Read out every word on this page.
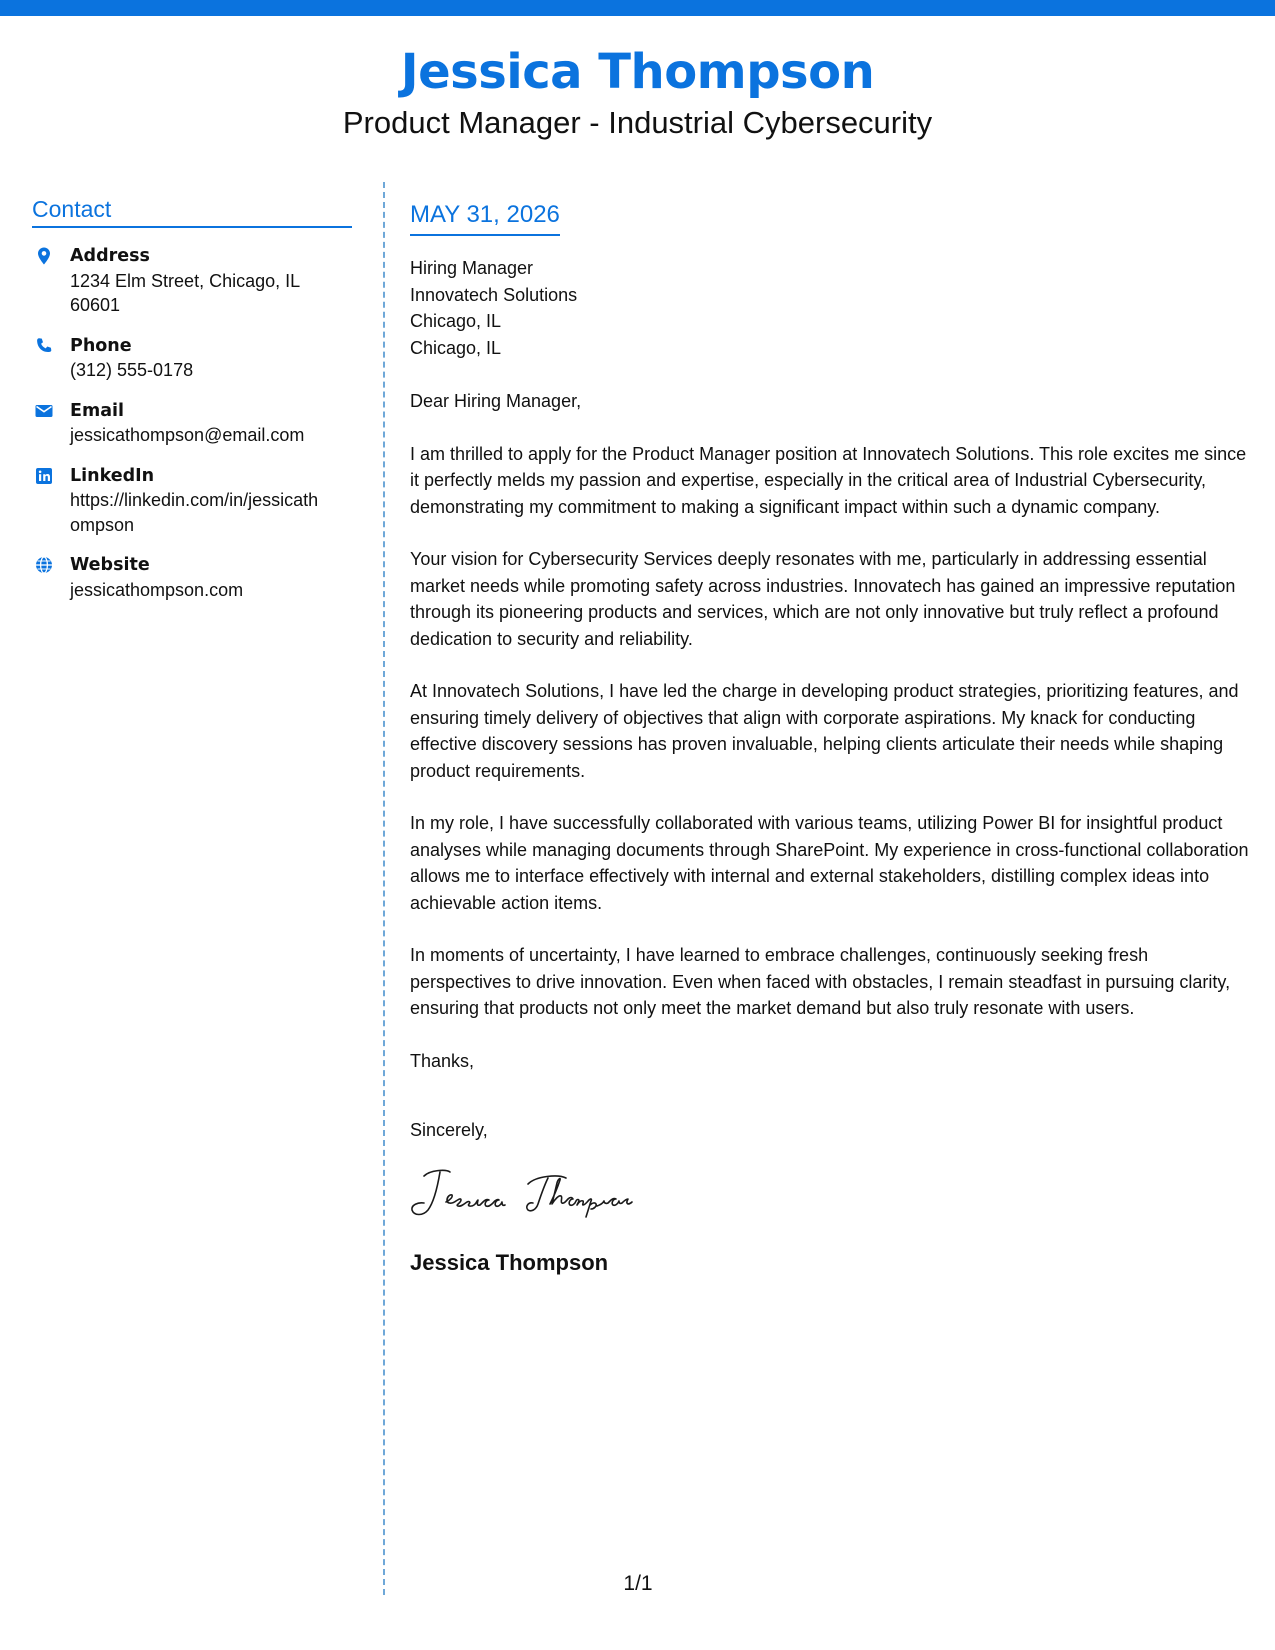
Jessica Thompson
Product Manager - Industrial Cybersecurity
Contact
Address
1234 Elm Street, Chicago, IL
60601
Phone
(312) 555-0178
Email
jessicathompson@email.com
LinkedIn
https://linkedin.com/in/jessicath
ompson
Website
jessicathompson.com
MAY 31, 2026
Hiring Manager
Innovatech Solutions
Chicago, IL
Chicago, IL
Dear Hiring Manager,
I am thrilled to apply for the Product Manager position at Innovatech Solutions. This role excites me since it perfectly melds my passion and expertise, especially in the critical area of Industrial Cybersecurity, demonstrating my commitment to making a significant impact within such a dynamic company.
Your vision for Cybersecurity Services deeply resonates with me, particularly in addressing essential market needs while promoting safety across industries. Innovatech has gained an impressive reputation through its pioneering products and services, which are not only innovative but truly reflect a profound dedication to security and reliability.
At Innovatech Solutions, I have led the charge in developing product strategies, prioritizing features, and ensuring timely delivery of objectives that align with corporate aspirations. My knack for conducting effective discovery sessions has proven invaluable, helping clients articulate their needs while shaping product requirements.
In my role, I have successfully collaborated with various teams, utilizing Power BI for insightful product analyses while managing documents through SharePoint. My experience in cross-functional collaboration allows me to interface effectively with internal and external stakeholders, distilling complex ideas into achievable action items.
In moments of uncertainty, I have learned to embrace challenges, continuously seeking fresh perspectives to drive innovation. Even when faced with obstacles, I remain steadfast in pursuing clarity, ensuring that products not only meet the market demand but also truly resonate with users.
Thanks,
Sincerely,
Jessica Thompson
1/1
